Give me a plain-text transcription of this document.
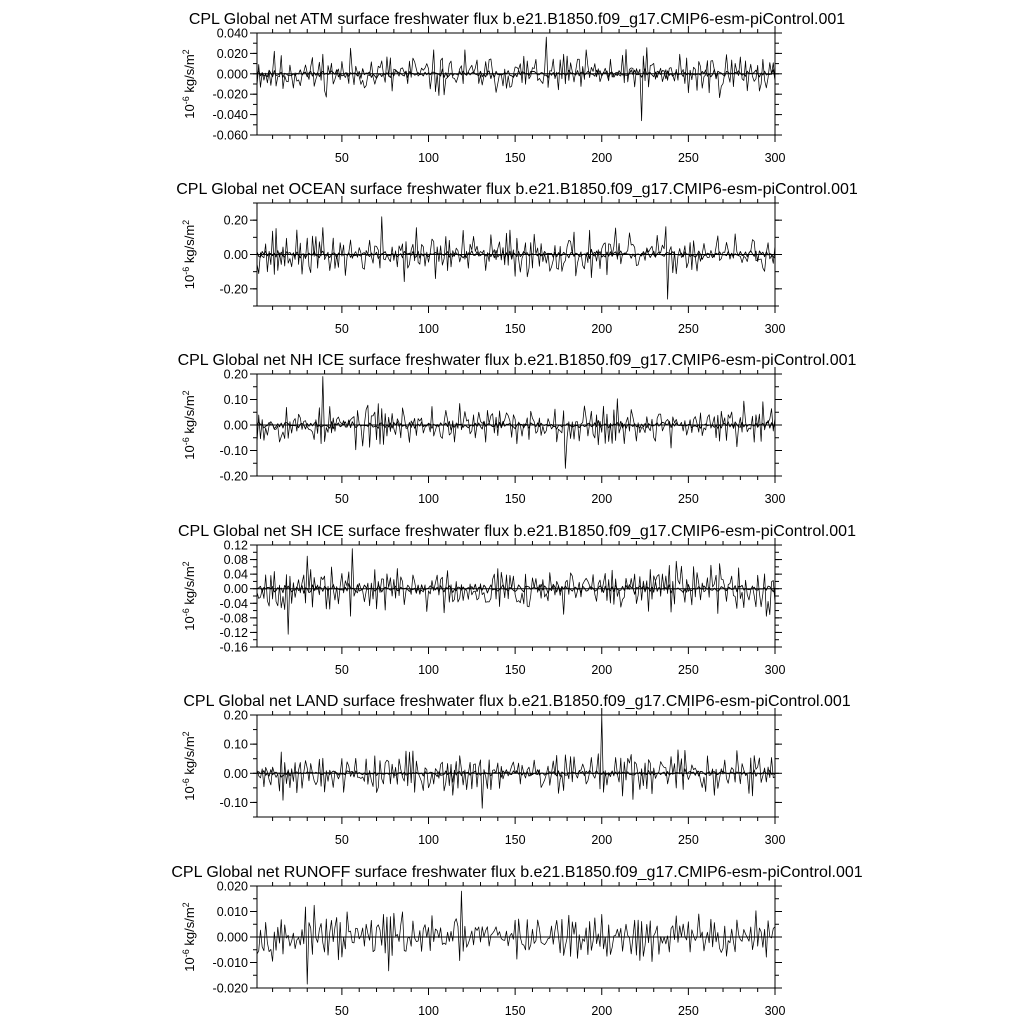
CPL Global net ATM surface freshwater flux b.e21.B1850.f09_g17.CMIP6-esm-piControl.001
$10^{-6}$ $kg/s/m^2$
50	100	150	200	250	300
0.040
0.020
0.000
-0.020
-0.040
-0.060
CPL Global net OCEAN surface freshwater flux b.e21.B1850.f09_g17.CMIP6-esm-piControl.001
$10^{-6}$ $kg/s/m^2$
50	100	150	200	250	300
0.20
0.00
-0.20
CPL Global net NH ICE surface freshwater flux b.e21.B1850.f09_g17.CMIP6-esm-piControl.001
$10^{-6}$ $kg/s/m^2$
50	100	150	200	250	300
0.20
0.10
0.00
-0.10
-0.20
CPL Global net SH ICE surface freshwater flux b.e21.B1850.f09_g17.CMIP6-esm-piControl.001
$10^{-6}$ $kg/s/m^2$
50	100	150	200	250	300
0.12
0.08
0.04
0.00
-0.04
-0.08
-0.12
-0.16
CPL Global net LAND surface freshwater flux b.e21.B1850.f09_g17.CMIP6-esm-piControl.001
$10^{-6}$ $kg/s/m^2$
50	100	150	200	250	300
0.20
0.10
0.00
-0.10
CPL Global net RUNOFF surface freshwater flux b.e21.B1850.f09_g17.CMIP6-esm-piControl.001
$10^{-6}$ $kg/s/m^2$
50	100	150	200	250	300
0.020
0.010
0.000
-0.010
-0.020
